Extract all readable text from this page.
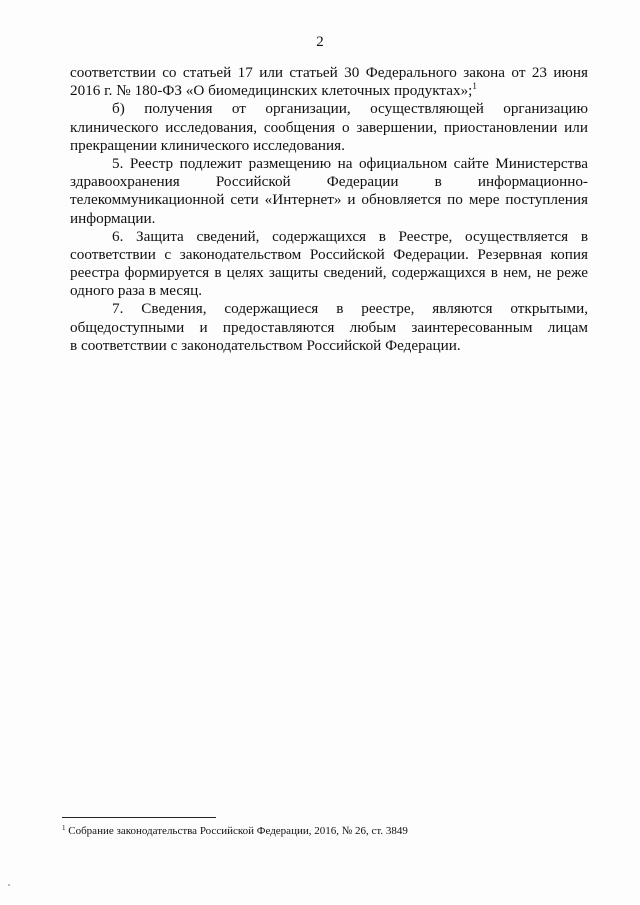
2
соответствии со статьей 17 или статьей 30 Федерального закона от 23 июня
2016 г. № 180-ФЗ «О биомедицинских клеточных продуктах»;$^1$
б) получения от организации, осуществляющей организацию
клинического исследования, сообщения о завершении, приостановлении или
прекращении клинического исследования.
5. Реестр подлежит размещению на официальном сайте Министерства
здравоохранения Российской Федерации в информационно-
телекоммуникационной сети «Интернет» и обновляется по мере поступления
информации.
6. Защита сведений, содержащихся в Реестре, осуществляется в
соответствии с законодательством Российской Федерации. Резервная копия
реестра формируется в целях защиты сведений, содержащихся в нем, не реже
одного раза в месяц.
7. Сведения, содержащиеся в реестре, являются открытыми,
общедоступными и предоставляются любым заинтересованным лицам
в соответствии с законодательством Российской Федерации.
$^1$ Собрание законодательства Российской Федерации, 2016, № 26, ст. 3849
